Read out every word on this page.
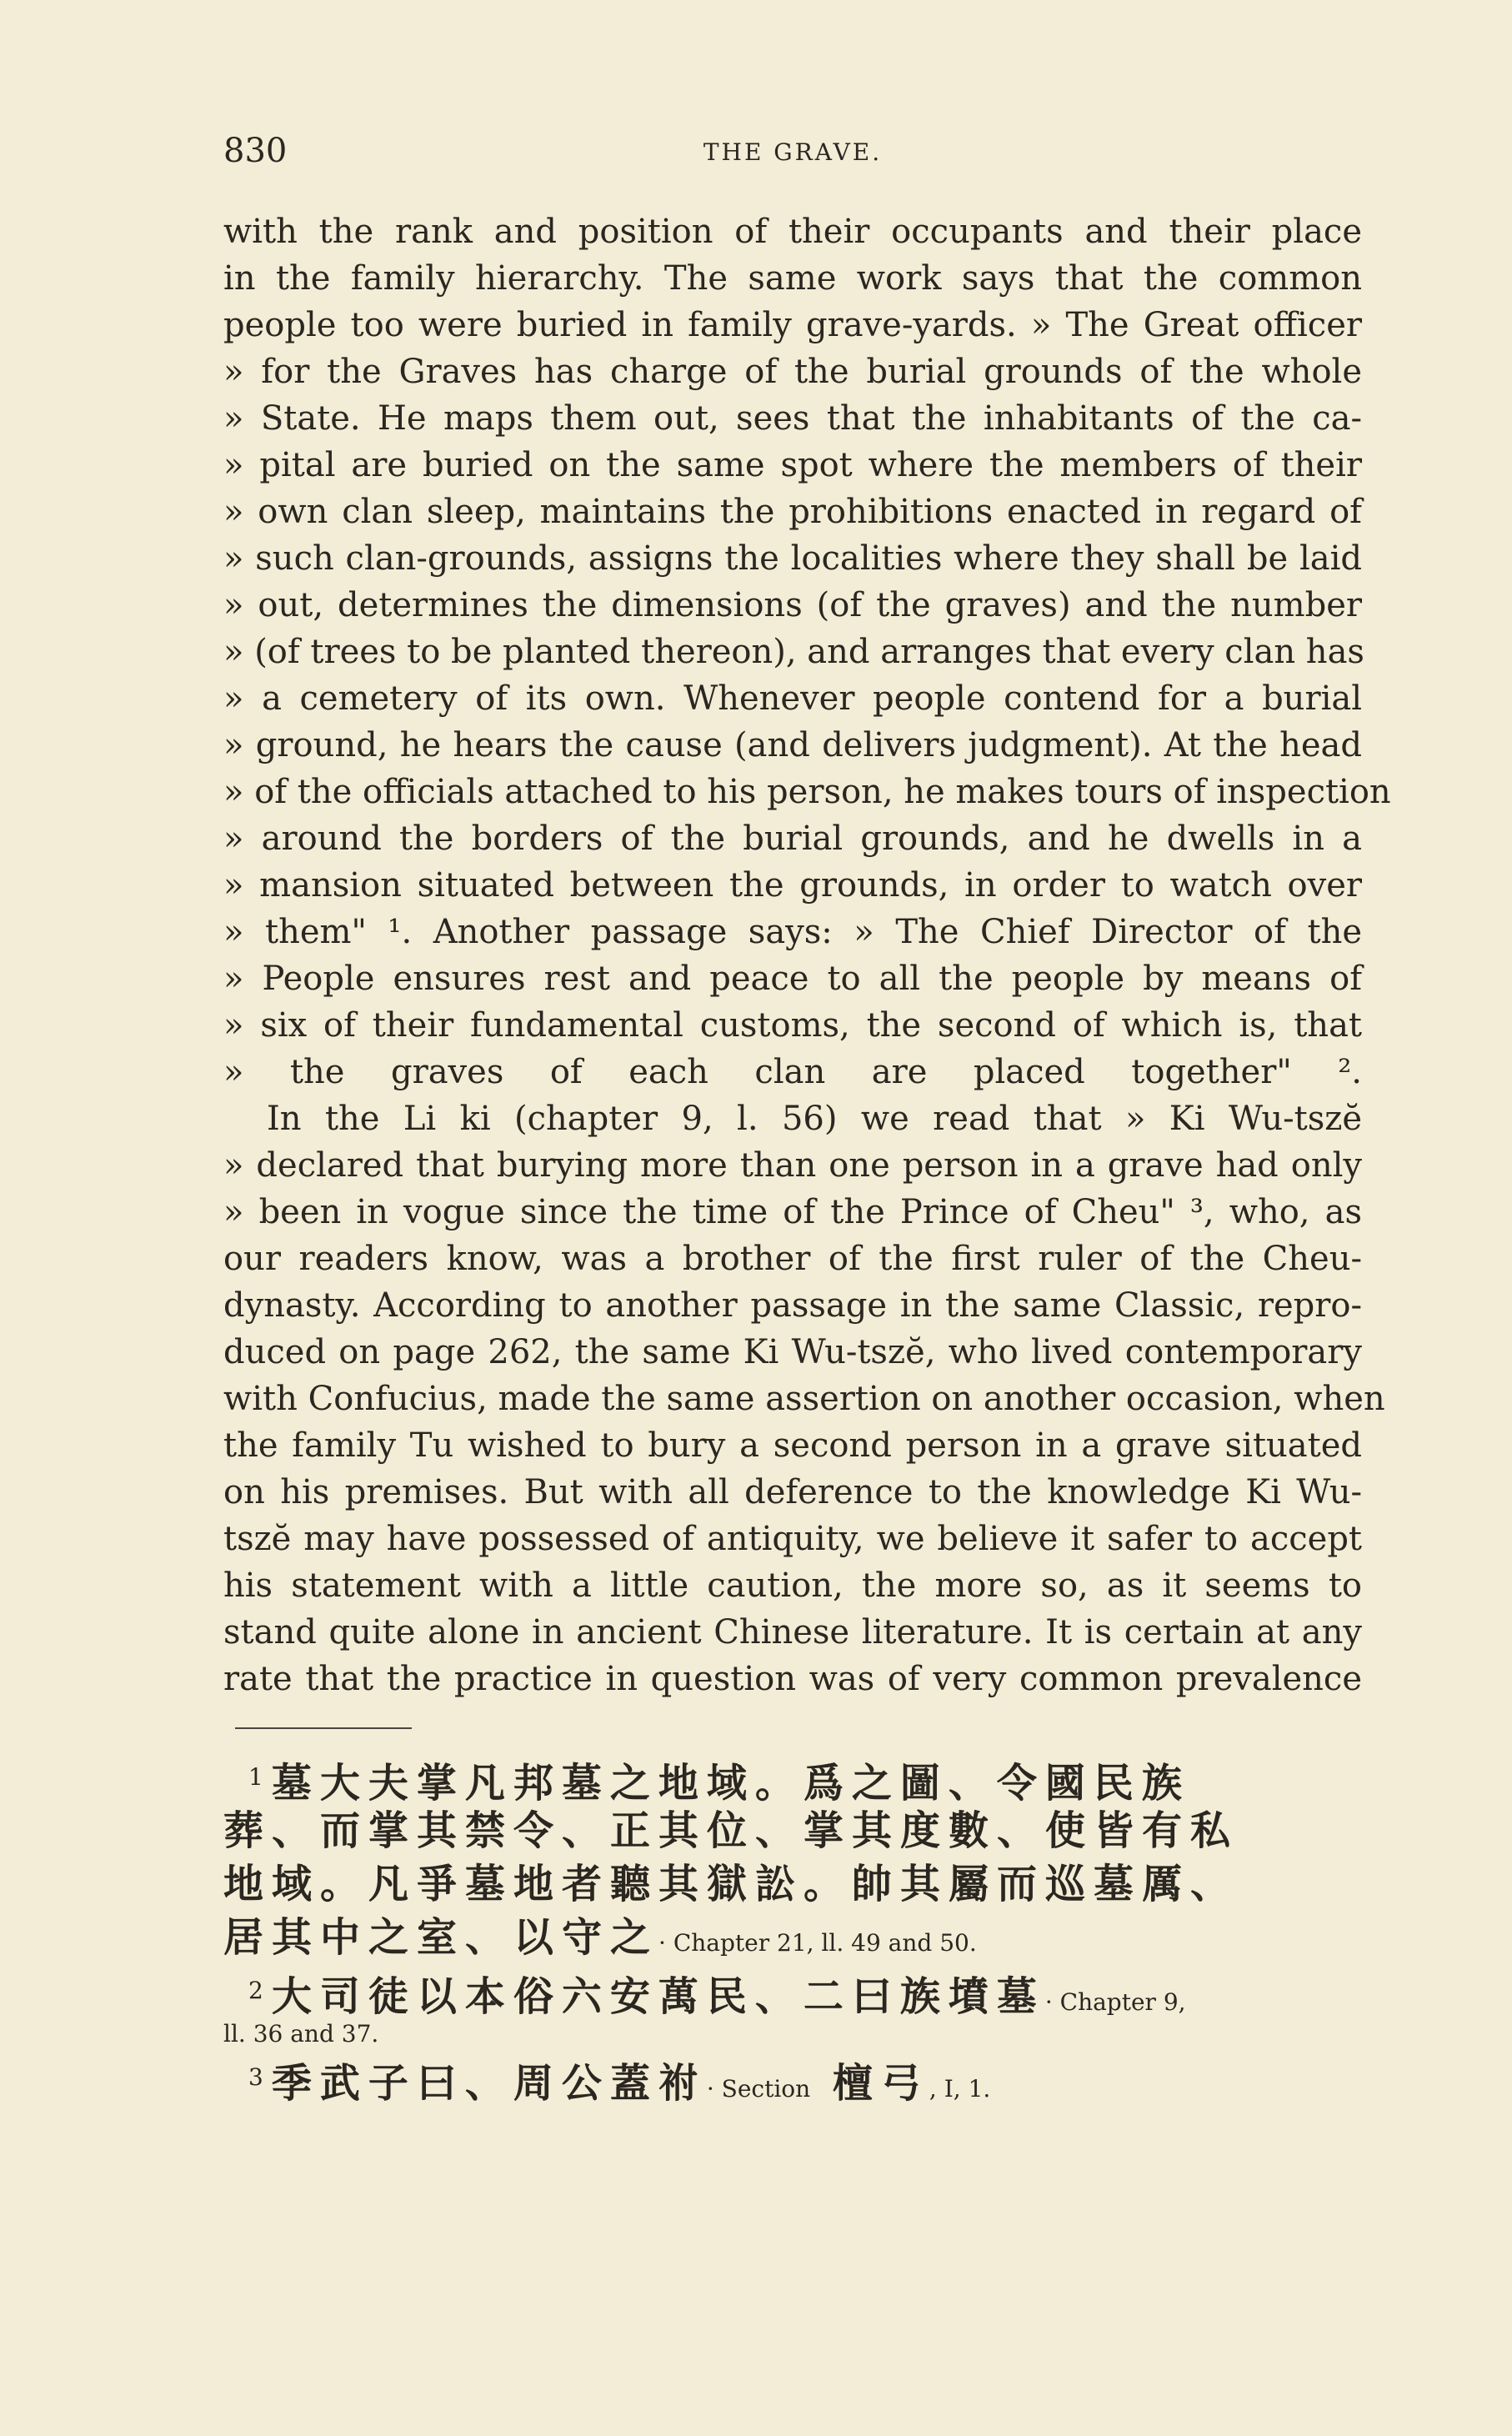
830	THE GRAVE.
with the rank and position of their occupants and their place
in the family hierarchy. The same work says that the common
people too were buried in family grave-yards. » The Great officer
» for the Graves has charge of the burial grounds of the whole
» State. He maps them out, sees that the inhabitants of the ca-
» pital are buried on the same spot where the members of their
» own clan sleep, maintains the prohibitions enacted in regard of
» such clan-grounds, assigns the localities where they shall be laid
» out, determines the dimensions (of the graves) and the number
» (of trees to be planted thereon), and arranges that every clan has
» a cemetery of its own. Whenever people contend for a burial
» ground, he hears the cause (and delivers judgment). At the head
» of the officials attached to his person, he makes tours of inspection
» around the borders of the burial grounds, and he dwells in a
» mansion situated between the grounds, in order to watch over
» them" ¹. Another passage says: » The Chief Director of the
» People ensures rest and peace to all the people by means of
» six of their fundamental customs, the second of which is, that
» the graves of each clan are placed together" ².
In the Li ki (chapter 9, l. 56) we read that » Ki Wu-tszĕ
» declared that burying more than one person in a grave had only
» been in vogue since the time of the Prince of Cheu" ³, who, as
our readers know, was a brother of the first ruler of the Cheu-
dynasty. According to another passage in the same Classic, repro-
duced on page 262, the same Ki Wu-tszĕ, who lived contemporary
with Confucius, made the same assertion on another occasion, when
the family Tu wished to bury a second person in a grave situated
on his premises. But with all deference to the knowledge Ki Wu-
tszĕ may have possessed of antiquity, we believe it safer to accept
his statement with a little caution, the more so, as it seems to
stand quite alone in ancient Chinese literature. It is certain at any
rate that the practice in question was of very common prevalence
$^1$ 墓大夫掌凡邦墓之地域。爲之圖、令國民族
葬、而掌其禁令、正其位、掌其度數、使皆有私
地域。凡爭墓地者聽其獄訟。帥其屬而巡墓厲、
居其中之室、以守之· Chapter 21, ll. 49 and 50.
$^2$ 大司徒以本俗六安萬民、二曰族墳墓· Chapter 9,
ll. 36 and 37.
$^3$ 季武子曰、周公蓋祔· Section 檀弓, I, 1.
